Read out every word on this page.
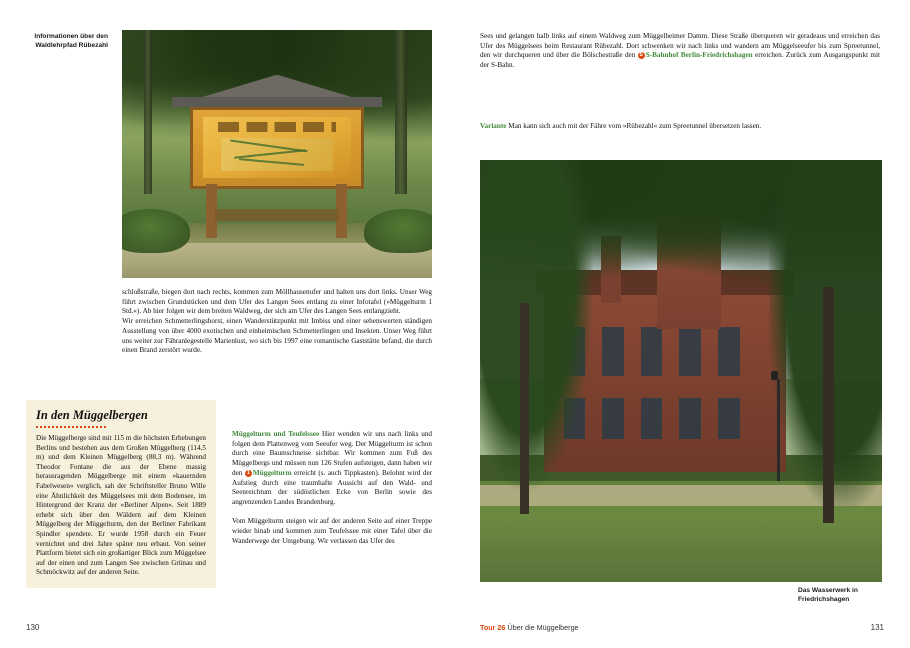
Informationen über den Waldlehrpfad Rübezahl

schloßstraße, biegen dort nach rechts, kommen zum Möllhausenufer und halten uns dort links. Unser Weg führt zwischen Grundstücken und dem Ufer des Langen Sees entlang zu einer Infotafel (»Müggelturm 1 Std.«). Ab hier folgen wir dem breiten Waldweg, der sich am Ufer des Langen Sees entlangzieht.

Wir erreichen Schmetterlingshorst, einen Wanderstützpunkt mit Imbiss und einer sehenswerten ständigen Ausstellung von über 4000 exotischen und einheimischen Schmetterlingen und Insekten. Unser Weg führt uns weiter zur Fähranlegestelle Marienlust, wo sich bis 1997 eine romantische Gaststätte befand, die durch einen Brand zerstört wurde.

In den Müggelbergen
Die Müggelberge sind mit 115 m die höchsten Erhebungen Berlins und bestehen aus dem Großen Müggelberg (114,5 m) und dem Kleinen Müggelberg (88,3 m). Während Theodor Fontane die aus der Ebene massig herausragenden Müggelberge mit einem »kauernden Fabelwesen« verglich, sah der Schriftsteller Bruno Wille eine Ähnlichkeit des Müggelsees mit dem Bodensee, im Hintergrund der Kranz der »Berliner Alpen«. Seit 1889 erhebt sich über den Wäldern auf dem Kleinen Müggelberg der Müggelturm, den der Berliner Fabrikant Spindler spendete. Er wurde 1958 durch ein Feuer vernichtet und drei Jahre später neu erbaut. Von seiner Plattform bietet sich ein großartiger Blick zum Müggelsee auf der einen und zum Langen See zwischen Grünau und Schmöckwitz auf der anderen Seite.

Müggelturm und Teufelssee Hier wenden wir uns nach links und folgen dem Plattenweg vom Seeufer weg. Der Müggelturm ist schon durch eine Baumschneise sichtbar. Wir kommen zum Fuß des Müggelbergs und müssen nun 126 Stufen aufsteigen, dann haben wir den 1 Müggelturm erreicht (s. auch Tippkasten). Belohnt wird der Aufstieg durch eine traumhafte Aussicht auf den Wald- und Seenreichtum der südöstlichen Ecke von Berlin sowie des angrenzenden Landes Brandenburg.

Vom Müggelturm steigen wir auf der anderen Seite auf einer Treppe wieder hinab und kommen zum Teufelssee mit einer Tafel über die Wanderwege der Umgebung. Wir verlassen das Ufer des

130

Sees und gelangen halb links auf einem Waldweg zum Müggelheimer Damm. Diese Straße überqueren wir geradeaus und erreichen das Ufer des Müggelsees beim Restaurant Rübezahl. Dort schwenken wir nach links und wandern am Müggelseeufer bis zum Spreetunnel, den wir durchqueren und über die Bölschestraße den S S-Bahnhof Berlin-Friedrichshagen erreichen. Zurück zum Ausgangspunkt mit der S-Bahn.

Variante Man kann sich auch mit der Fähre vom »Rübezahl« zum Spreetunnel übersetzen lassen.

Das Wasserwerk in Friedrichshagen
Tour 26 Über die Müggelberge	131
